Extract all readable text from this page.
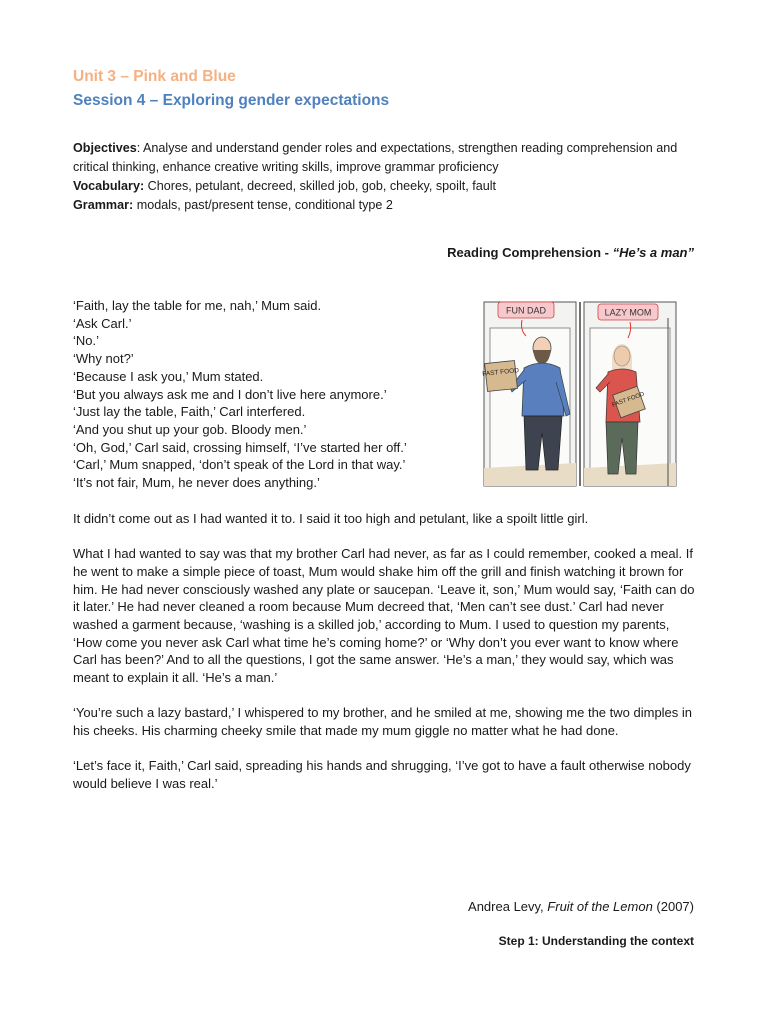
Unit 3 – Pink and Blue
Session 4 – Exploring gender expectations

Objectives: Analyse and understand gender roles and expectations, strengthen reading comprehension and critical thinking, enhance creative writing skills, improve grammar proficiency

Vocabulary: Chores, petulant, decreed, skilled job, gob, cheeky, spoilt, fault

Grammar: modals, past/present tense, conditional type 2

Reading Comprehension - “He’s a man”
‘Faith, lay the table for me, nah,’ Mum said.
‘Ask Carl.’
‘No.’
‘Why not?’
‘Because I ask you,’ Mum stated.
‘But you always ask me and I don’t live here anymore.’
‘Just lay the table, Faith,’ Carl interfered.
‘And you shut up your gob. Bloody men.’
‘Oh, God,’ Carl said, crossing himself, ‘I’ve started her off.’
‘Carl,’ Mum snapped, ‘don’t speak of the Lord in that way.’
‘It’s not fair, Mum, he never does anything.’
FUN DAD	LAZY MOM
FAST FOOD
FAST FOOD

It didn’t come out as I had wanted it to. I said it too high and petulant, like a spoilt little girl.

What I had wanted to say was that my brother Carl had never, as far as I could remember, cooked a meal. If he went to make a simple piece of toast, Mum would shake him off the grill and finish watching it brown for him. He had never consciously washed any plate or saucepan. ‘Leave it, son,’ Mum would say, ‘Faith can do it later.’ He had never cleaned a room because Mum decreed that, ‘Men can’t see dust.’ Carl had never washed a garment because, ‘washing is a skilled job,’ according to Mum. I used to question my parents, ‘How come you never ask Carl what time he’s coming home?’ or ‘Why don’t you ever want to know where Carl has been?’ And to all the questions, I got the same answer. ‘He’s a man,’ they would say, which was meant to explain it all. ‘He’s a man.’

‘You’re such a lazy bastard,’ I whispered to my brother, and he smiled at me, showing me the two dimples in his cheeks. His charming cheeky smile that made my mum giggle no matter what he had done.

‘Let’s face it, Faith,’ Carl said, spreading his hands and shrugging, ‘I’ve got to have a fault otherwise nobody would believe I was real.’

Andrea Levy, Fruit of the Lemon (2007)
Step 1: Understanding the context
